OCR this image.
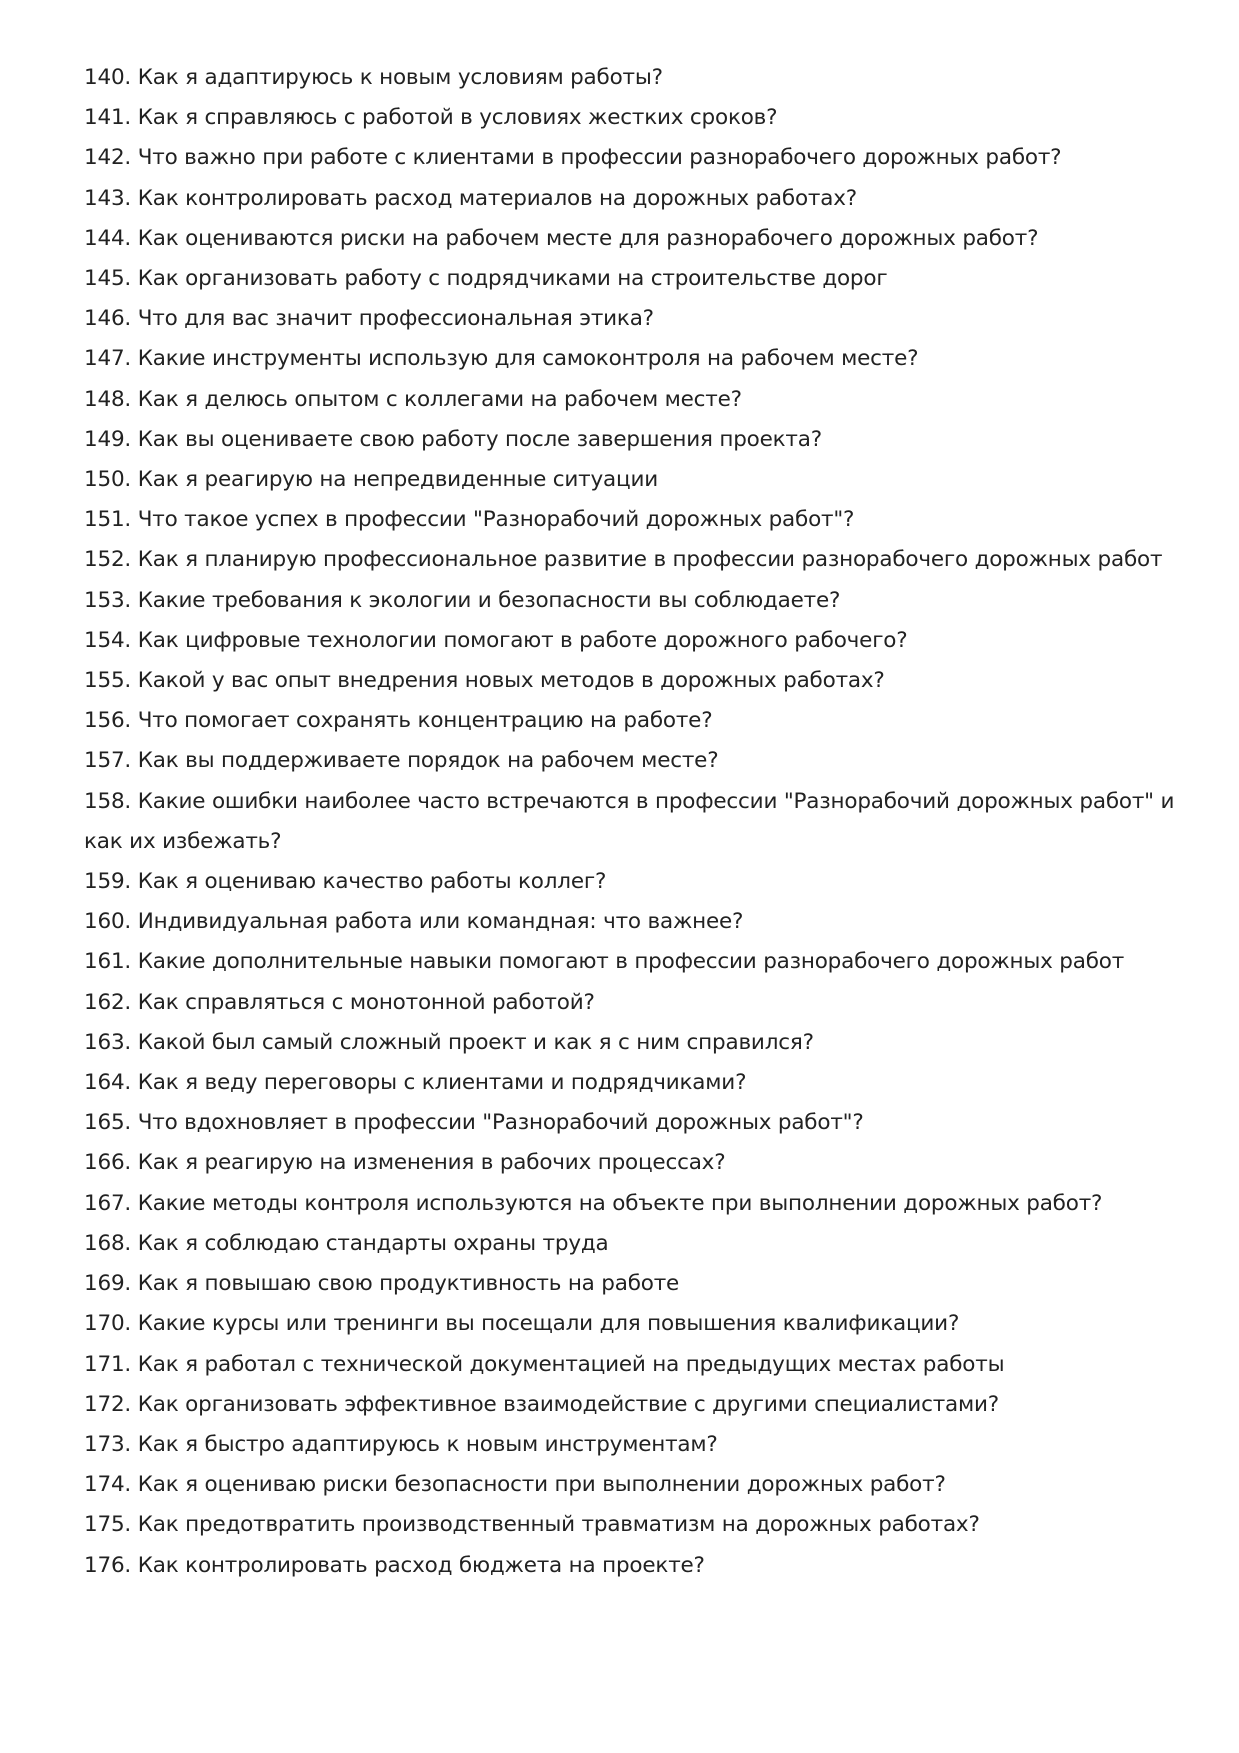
140. Как я адаптируюсь к новым условиям работы?
141. Как я справляюсь с работой в условиях жестких сроков?
142. Что важно при работе с клиентами в профессии разнорабочего дорожных работ?
143. Как контролировать расход материалов на дорожных работах?
144. Как оцениваются риски на рабочем месте для разнорабочего дорожных работ?
145. Как организовать работу с подрядчиками на строительстве дорог
146. Что для вас значит профессиональная этика?
147. Какие инструменты использую для самоконтроля на рабочем месте?
148. Как я делюсь опытом с коллегами на рабочем месте?
149. Как вы оцениваете свою работу после завершения проекта?
150. Как я реагирую на непредвиденные ситуации
151. Что такое успех в профессии "Разнорабочий дорожных работ"?
152. Как я планирую профессиональное развитие в профессии разнорабочего дорожных работ
153. Какие требования к экологии и безопасности вы соблюдаете?
154. Как цифровые технологии помогают в работе дорожного рабочего?
155. Какой у вас опыт внедрения новых методов в дорожных работах?
156. Что помогает сохранять концентрацию на работе?
157. Как вы поддерживаете порядок на рабочем месте?
158. Какие ошибки наиболее часто встречаются в профессии "Разнорабочий дорожных работ" и как их избежать?
159. Как я оцениваю качество работы коллег?
160. Индивидуальная работа или командная: что важнее?
161. Какие дополнительные навыки помогают в профессии разнорабочего дорожных работ
162. Как справляться с монотонной работой?
163. Какой был самый сложный проект и как я с ним справился?
164. Как я веду переговоры с клиентами и подрядчиками?
165. Что вдохновляет в профессии "Разнорабочий дорожных работ"?
166. Как я реагирую на изменения в рабочих процессах?
167. Какие методы контроля используются на объекте при выполнении дорожных работ?
168. Как я соблюдаю стандарты охраны труда
169. Как я повышаю свою продуктивность на работе
170. Какие курсы или тренинги вы посещали для повышения квалификации?
171. Как я работал с технической документацией на предыдущих местах работы
172. Как организовать эффективное взаимодействие с другими специалистами?
173. Как я быстро адаптируюсь к новым инструментам?
174. Как я оцениваю риски безопасности при выполнении дорожных работ?
175. Как предотвратить производственный травматизм на дорожных работах?
176. Как контролировать расход бюджета на проекте?
